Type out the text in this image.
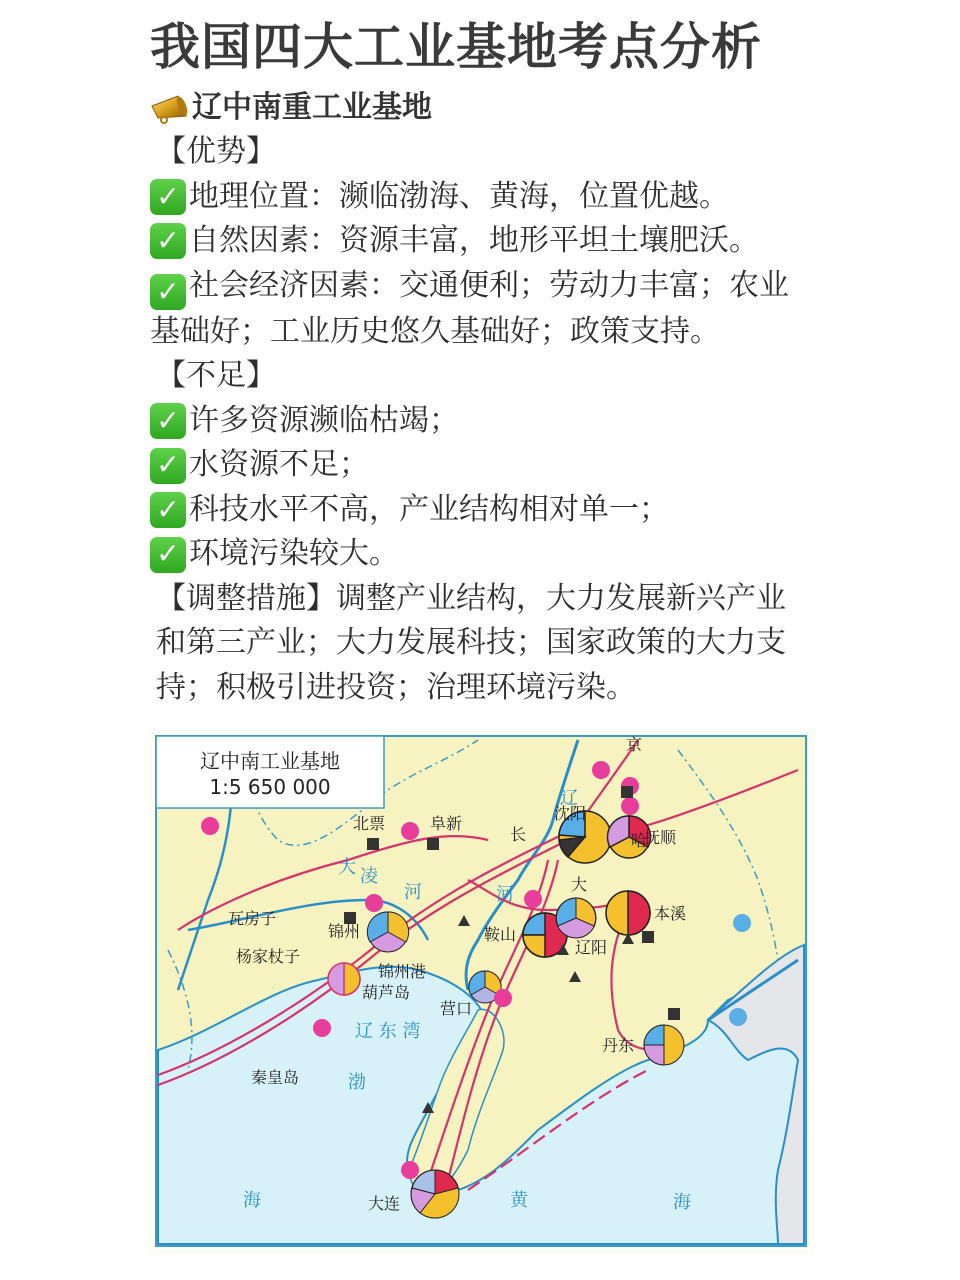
我国四大工业基地考点分析
辽中南重工业基地
【优势】
✓ 地理位置：濒临渤海、黄海，位置优越。
✓ 自然因素：资源丰富，地形平坦土壤肥沃。
✓ 社会经济因素：交通便利；劳动力丰富；农业基础好；工业历史悠久基础好；政策支持。
【不足】
✓ 许多资源濒临枯竭；
✓ 水资源不足；
✓ 科技水平不高，产业结构相对单一；
✓ 环境污染较大。
【调整措施】调整产业结构，大力发展新兴产业和第三产业；大力发展科技；国家政策的大力支持；积极引进投资；治理环境污染。
辽中南工业基地
1:5 650 000
沈阳
抚顺
本溪
鞍山
辽阳
锦州
葫芦岛
锦州港
营口
丹东
大连
北票	阜新
瓦房子
杨家杖子
秦皇岛
辽 东 湾
渤
海	黄	海
辽
河
大 凌
河
京
哈
长
大
